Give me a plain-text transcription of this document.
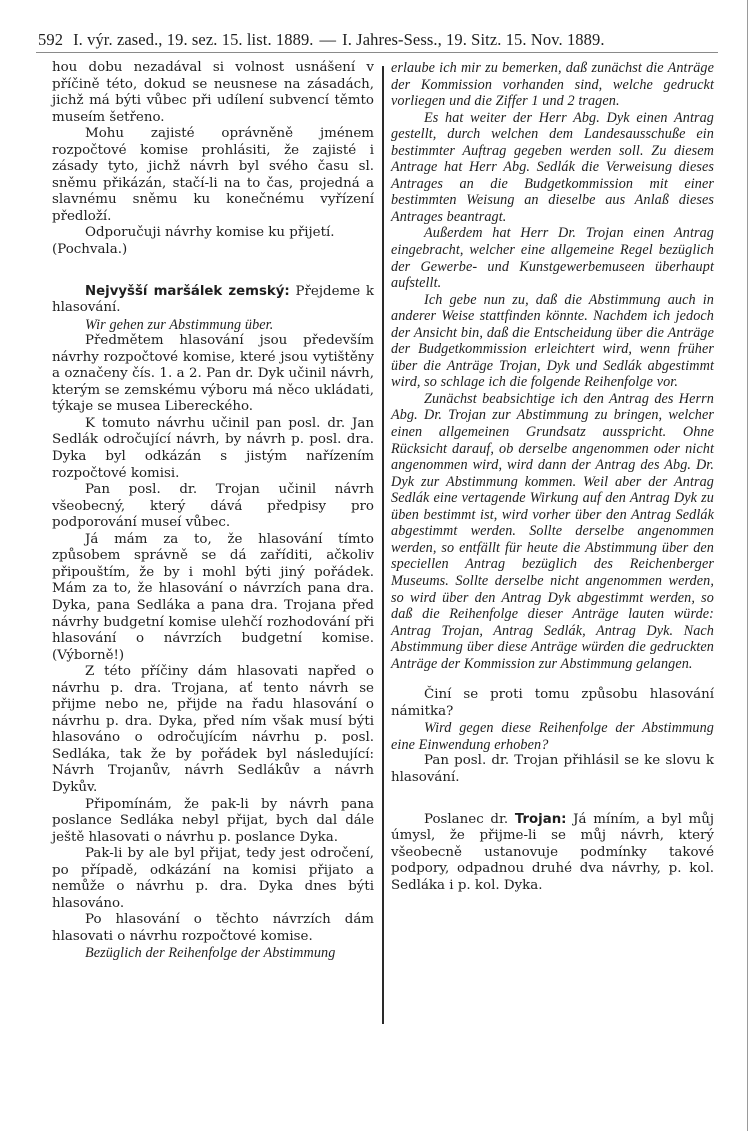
592 I. výr. zased., 19. sez. 15. list. 1889. — I. Jahres-Sess., 19. Sitz. 15. Nov. 1889.

hou dobu nezadával si volnost usnášení v příčině této, dokud se neusnese na zásadách, jichž má býti vůbec při udílení subvencí těmto museím šetřeno.

Mohu zajisté oprávněně jménem rozpočtové komise prohlásiti, že zajisté i zásady tyto, jichž návrh byl svého času sl. sněmu přikázán, stačí-li na to čas, projedná a slavnému sněmu ku konečnému vyřízení předloží.

Odporučuji návrhy komise ku přijetí.

(Pochvala.)

Nejvyšší maršálek zemský: Přejdeme k hlasování.

Wir gehen zur Abstimmung über.

Předmětem hlasování jsou především návrhy rozpočtové komise, které jsou vytištěny a označeny čís. 1. a 2. Pan dr. Dyk učinil návrh, kterým se zemskému výboru má něco ukládati, týkaje se musea Libereckého.

K tomuto návrhu učinil pan posl. dr. Jan Sedlák odročující návrh, by návrh p. posl. dra. Dyka byl odkázán s jistým nařízením rozpočtové komisi.

Pan posl. dr. Trojan učinil návrh všeobecný, který dává předpisy pro podporování museí vůbec.

Já mám za to, že hlasování tímto způsobem správně se dá zaříditi, ačkoliv připouštím, že by i mohl býti jiný pořádek. Mám za to, že hlasování o návrzích pana dra. Dyka, pana Sedláka a pana dra. Trojana před návrhy budgetní komise ulehčí rozhodování při hlasování o návrzích budgetní komise. (Výborně!)

Z této příčiny dám hlasovati napřed o návrhu p. dra. Trojana, ať tento návrh se přijme nebo ne, přijde na řadu hlasování o návrhu p. dra. Dyka, před ním však musí býti hlasováno o odročujícím návrhu p. posl. Sedláka, tak že by pořádek byl následující: Návrh Trojanův, návrh Sedlákův a návrh Dykův.

Připomínám, že pak-li by návrh pana poslance Sedláka nebyl přijat, bych dal dále ještě hlasovati o návrhu p. poslance Dyka.

Pak-li by ale byl přijat, tedy jest odročení, po případě, odkázání na komisi přijato a nemůže o návrhu p. dra. Dyka dnes býti hlasováno.

Po hlasování o těchto návrzích dám hlasovati o návrhu rozpočtové komise.

Bezüglich der Reihenfolge der Abstimmung

erlaube ich mir zu bemerken, daß zunächst die Anträge der Kommission vorhanden sind, welche gedruckt vorliegen und die Ziffer 1 und 2 tragen.

Es hat weiter der Herr Abg. Dyk einen Antrag gestellt, durch welchen dem Landesausschuße ein bestimmter Auftrag gegeben werden soll. Zu diesem Antrage hat Herr Abg. Sedlák die Verweisung dieses Antrages an die Budgetkommission mit einer bestimmten Weisung an dieselbe aus Anlaß dieses Antrages beantragt.

Außerdem hat Herr Dr. Trojan einen Antrag eingebracht, welcher eine allgemeine Regel bezüglich der Gewerbe- und Kunstgewerbemuseen überhaupt aufstellt.

Ich gebe nun zu, daß die Abstimmung auch in anderer Weise stattfinden könnte. Nachdem ich jedoch der Ansicht bin, daß die Entscheidung über die Anträge der Budgetkommission erleichtert wird, wenn früher über die Anträge Trojan, Dyk und Sedlák abgestimmt wird, so schlage ich die folgende Reihenfolge vor.

Zunächst beabsichtige ich den Antrag des Herrn Abg. Dr. Trojan zur Abstimmung zu bringen, welcher einen allgemeinen Grundsatz ausspricht. Ohne Rücksicht darauf, ob derselbe angenommen oder nicht angenommen wird, wird dann der Antrag des Abg. Dr. Dyk zur Abstimmung kommen. Weil aber der Antrag Sedlák eine vertagende Wirkung auf den Antrag Dyk zu üben bestimmt ist, wird vorher über den Antrag Sedlák abgestimmt werden. Sollte derselbe angenommen werden, so entfällt für heute die Abstimmung über den speciellen Antrag bezüglich des Reichenberger Museums. Sollte derselbe nicht angenommen werden, so wird über den Antrag Dyk abgestimmt werden, so daß die Reihenfolge dieser Anträge lauten würde: Antrag Trojan, Antrag Sedlák, Antrag Dyk. Nach Abstimmung über diese Anträge würden die gedruckten Anträge der Kommission zur Abstimmung gelangen.

Činí se proti tomu způsobu hlasování námitka?

Wird gegen diese Reihenfolge der Abstimmung eine Einwendung erhoben?

Pan posl. dr. Trojan přihlásil se ke slovu k hlasování.

Poslanec dr. Trojan: Já míním, a byl můj úmysl, že přijme-li se můj návrh, který všeobecně ustanovuje podmínky takové podpory, odpadnou druhé dva návrhy, p. kol. Sedláka i p. kol. Dyka.
